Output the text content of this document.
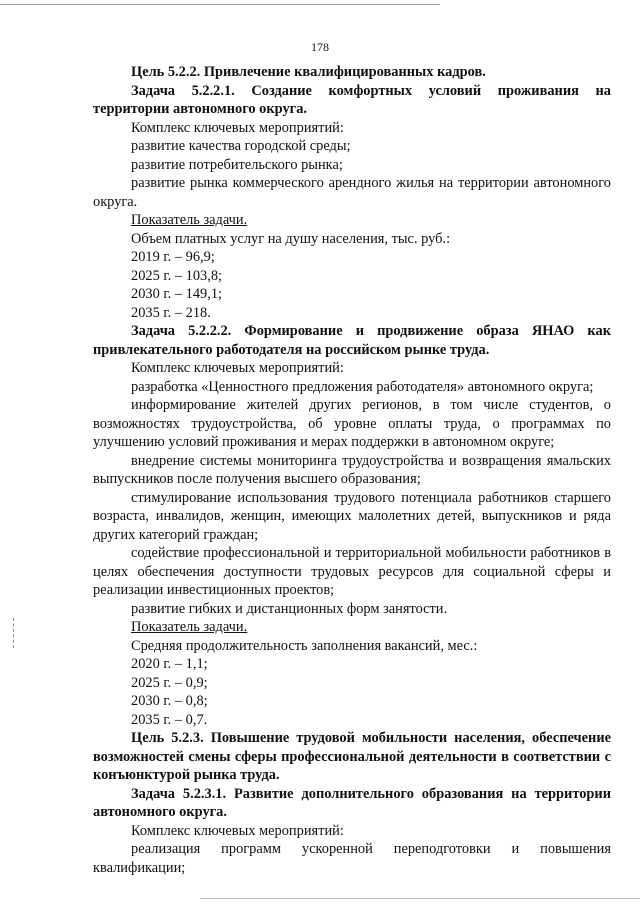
178

Цель 5.2.2. Привлечение квалифицированных кадров.

Задача 5.2.2.1. Создание комфортных условий проживания на территории автономного округа.

Комплекс ключевых мероприятий:

развитие качества городской среды;

развитие потребительского рынка;

развитие рынка коммерческого арендного жилья на территории автономного округа.

Показатель задачи.

Объем платных услуг на душу населения, тыс. руб.:

2019 г. – 96,9;

2025 г. – 103,8;

2030 г. – 149,1;

2035 г. – 218.

Задача 5.2.2.2. Формирование и продвижение образа ЯНАО как привлекательного работодателя на российском рынке труда.

Комплекс ключевых мероприятий:

разработка «Ценностного предложения работодателя» автономного округа;

информирование жителей других регионов, в том числе студентов, о возможностях трудоустройства, об уровне оплаты труда, о программах по улучшению условий проживания и мерах поддержки в автономном округе;

внедрение системы мониторинга трудоустройства и возвращения ямальских выпускников после получения высшего образования;

стимулирование использования трудового потенциала работников старшего возраста, инвалидов, женщин, имеющих малолетних детей, выпускников и ряда других категорий граждан;

содействие профессиональной и территориальной мобильности работников в целях обеспечения доступности трудовых ресурсов для социальной сферы и реализации инвестиционных проектов;

развитие гибких и дистанционных форм занятости.

Показатель задачи.

Средняя продолжительность заполнения вакансий, мес.:

2020 г. – 1,1;

2025 г. – 0,9;

2030 г. – 0,8;

2035 г. – 0,7.

Цель 5.2.3. Повышение трудовой мобильности населения, обеспечение возможностей смены сферы профессиональной деятельности в соответствии с конъюнктурой рынка труда.

Задача 5.2.3.1. Развитие дополнительного образования на территории автономного округа.

Комплекс ключевых мероприятий:

реализация программ ускоренной переподготовки и повышения квалификации;
